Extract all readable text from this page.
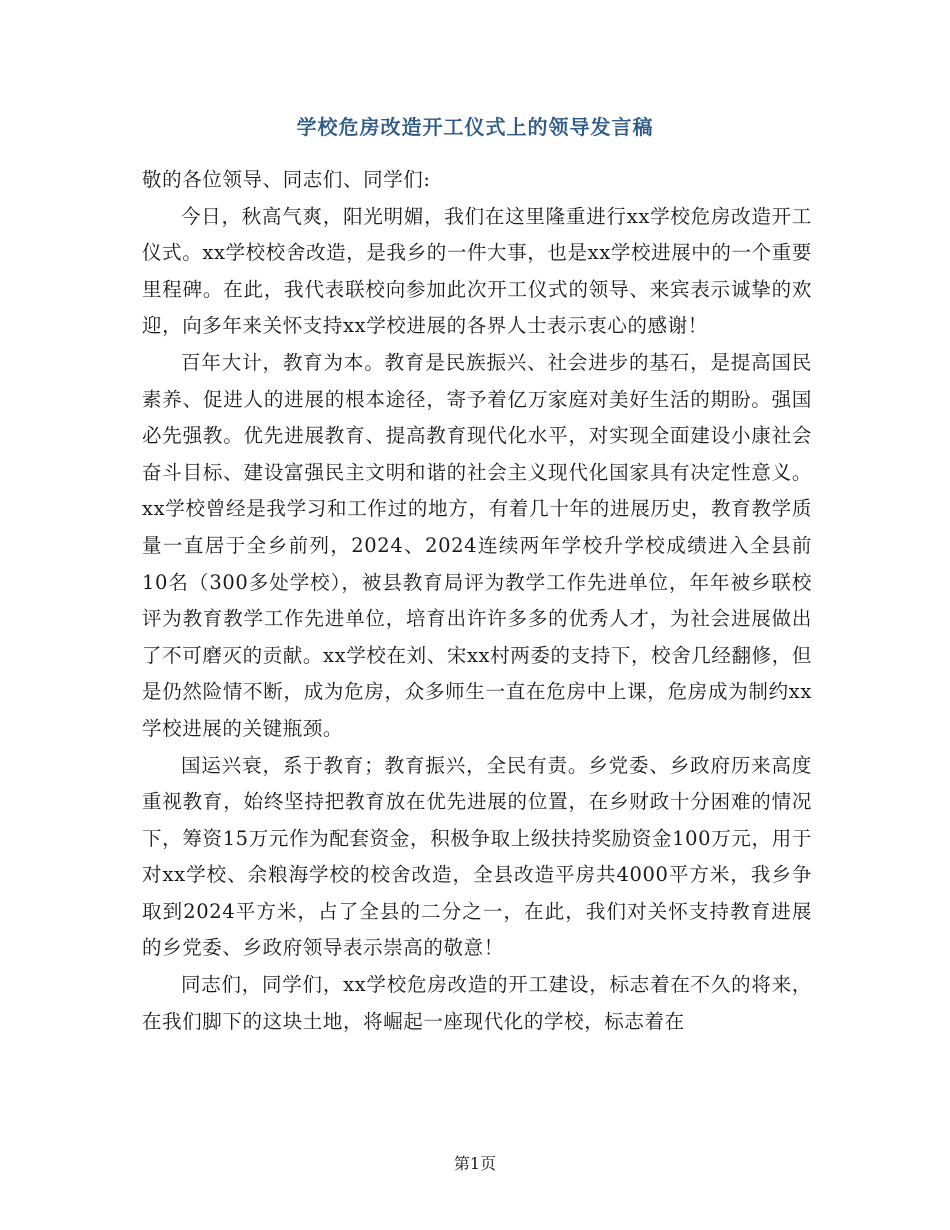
学校危房改造开工仪式上的领导发言稿

敬的各位领导、同志们、同学们:

今日，秋高气爽，阳光明媚，我们在这里隆重进行xx学校危房改造开工仪式。xx学校校舍改造，是我乡的一件大事，也是xx学校进展中的一个重要里程碑。在此，我代表联校向参加此次开工仪式的领导、来宾表示诚挚的欢迎，向多年来关怀支持xx学校进展的各界人士表示衷心的感谢！

百年大计，教育为本。教育是民族振兴、社会进步的基石，是提高国民素养、促进人的进展的根本途径，寄予着亿万家庭对美好生活的期盼。强国必先强教。优先进展教育、提高教育现代化水平，对实现全面建设小康社会奋斗目标、建设富强民主文明和谐的社会主义现代化国家具有决定性意义。xx学校曾经是我学习和工作过的地方，有着几十年的进展历史，教育教学质量一直居于全乡前列，2024、2024连续两年学校升学校成绩进入全县前10名（300多处学校），被县教育局评为教学工作先进单位，年年被乡联校评为教育教学工作先进单位，培育出许许多多的优秀人才，为社会进展做出了不可磨灭的贡献。xx学校在刘、宋xx村两委的支持下，校舍几经翻修，但是仍然险情不断，成为危房，众多师生一直在危房中上课，危房成为制约xx学校进展的关键瓶颈。

国运兴衰，系于教育；教育振兴，全民有责。乡党委、乡政府历来高度重视教育，始终坚持把教育放在优先进展的位置，在乡财政十分困难的情况下，筹资15万元作为配套资金，积极争取上级扶持奖励资金100万元，用于对xx学校、余粮海学校的校舍改造，全县改造平房共4000平方米，我乡争取到2024平方米，占了全县的二分之一，在此，我们对关怀支持教育进展的乡党委、乡政府领导表示崇高的敬意！

同志们，同学们，xx学校危房改造的开工建设，标志着在不久的将来，在我们脚下的这块土地，将崛起一座现代化的学校，标志着在

第1页
